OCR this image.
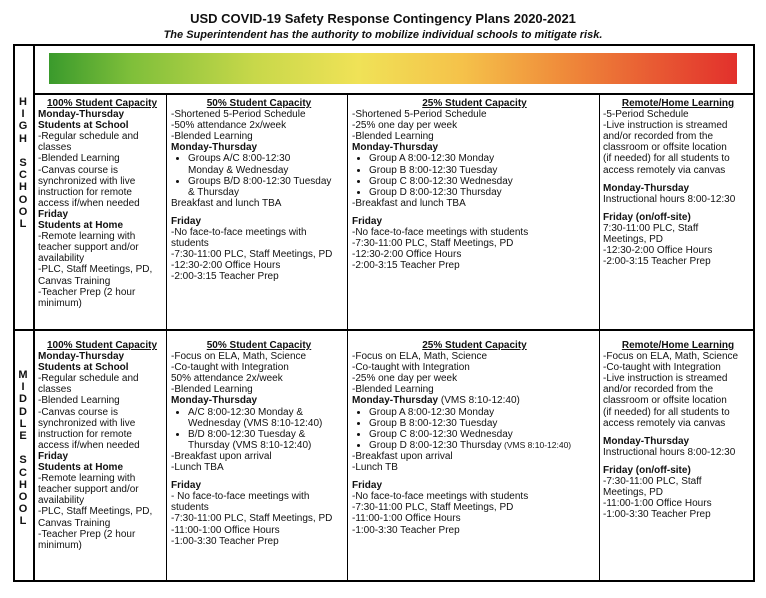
USD COVID-19 Safety Response Contingency Plans 2020-2021
The Superintendent has the authority to mobilize individual schools to mitigate risk.
H
I
G
H

S
C
H
O
O
L
M
I
D
D
L
E

S
C
H
O
O
L
100% Student Capacity
Monday-Thursday
Students at School
-Regular schedule and
classes
-Blended Learning
-Canvas course is
synchronized with live
instruction for remote
access if/when needed
Friday
Students at Home
-Remote learning with
teacher support and/or
availability
-PLC, Staff Meetings, PD,
Canvas Training
-Teacher Prep (2 hour
minimum)
50% Student Capacity
-Shortened 5-Period Schedule
-50% attendance 2x/week
-Blended Learning
Monday-Thursday
• Groups A/C 8:00-12:30
Monday & Wednesday
• Groups B/D 8:00-12:30 Tuesday
& Thursday
Breakfast and lunch TBA
Friday
-No face-to-face meetings with
students
-7:30-11:00 PLC, Staff Meetings, PD
-12:30-2:00 Office Hours
-2:00-3:15 Teacher Prep
25% Student Capacity
-Shortened 5-Period Schedule
-25% one day per week
-Blended Learning
Monday-Thursday
• Group A 8:00-12:30 Monday
• Group B 8:00-12:30 Tuesday
• Group C 8:00-12:30 Wednesday
• Group D 8:00-12:30 Thursday
-Breakfast and lunch TBA
Friday
-No face-to-face meetings with students
-7:30-11:00 PLC, Staff Meetings, PD
-12:30-2:00 Office Hours
-2:00-3:15 Teacher Prep
Remote/Home Learning
-5-Period Schedule
-Live instruction is streamed
and/or recorded from the
classroom or offsite location
(if needed) for all students to
access remotely via canvas
Monday-Thursday
Instructional hours 8:00-12:30
Friday (on/off-site)
7:30-11:00 PLC, Staff
Meetings, PD
-12:30-2:00 Office Hours
-2:00-3:15 Teacher Prep
100% Student Capacity
Monday-Thursday
Students at School
-Regular schedule and
classes
-Blended Learning
-Canvas course is
synchronized with live
instruction for remote
access if/when needed
Friday
Students at Home
-Remote learning with
teacher support and/or
availability
-PLC, Staff Meetings, PD,
Canvas Training
-Teacher Prep (2 hour
minimum)
50% Student Capacity
-Focus on ELA, Math, Science
-Co-taught with Integration
50% attendance 2x/week
-Blended Learning
Monday-Thursday
• A/C 8:00-12:30 Monday &
Wednesday (VMS 8:10-12:40)
• B/D 8:00-12:30 Tuesday &
Thursday (VMS 8:10-12:40)
-Breakfast upon arrival
-Lunch TBA
Friday
- No face-to-face meetings with
students
-7:30-11:00 PLC, Staff Meetings, PD
-11:00-1:00 Office Hours
-1:00-3:30 Teacher Prep
25% Student Capacity
-Focus on ELA, Math, Science
-Co-taught with Integration
-25% one day per week
-Blended Learning
Monday-Thursday (VMS 8:10-12:40)
• Group A 8:00-12:30 Monday
• Group B 8:00-12:30 Tuesday
• Group C 8:00-12:30 Wednesday
• Group D 8:00-12:30 Thursday (VMS 8:10-12:40)
-Breakfast upon arrival
-Lunch TB
Friday
-No face-to-face meetings with students
-7:30-11:00 PLC, Staff Meetings, PD
-11:00-1:00 Office Hours
-1:00-3:30 Teacher Prep
Remote/Home Learning
-Focus on ELA, Math, Science
-Co-taught with Integration
-Live instruction is streamed
and/or recorded from the
classroom or offsite location
(if needed) for all students to
access remotely via canvas
Monday-Thursday
Instructional hours 8:00-12:30
Friday (on/off-site)
-7:30-11:00 PLC, Staff
Meetings, PD
-11:00-1:00 Office Hours
-1:00-3:30 Teacher Prep
